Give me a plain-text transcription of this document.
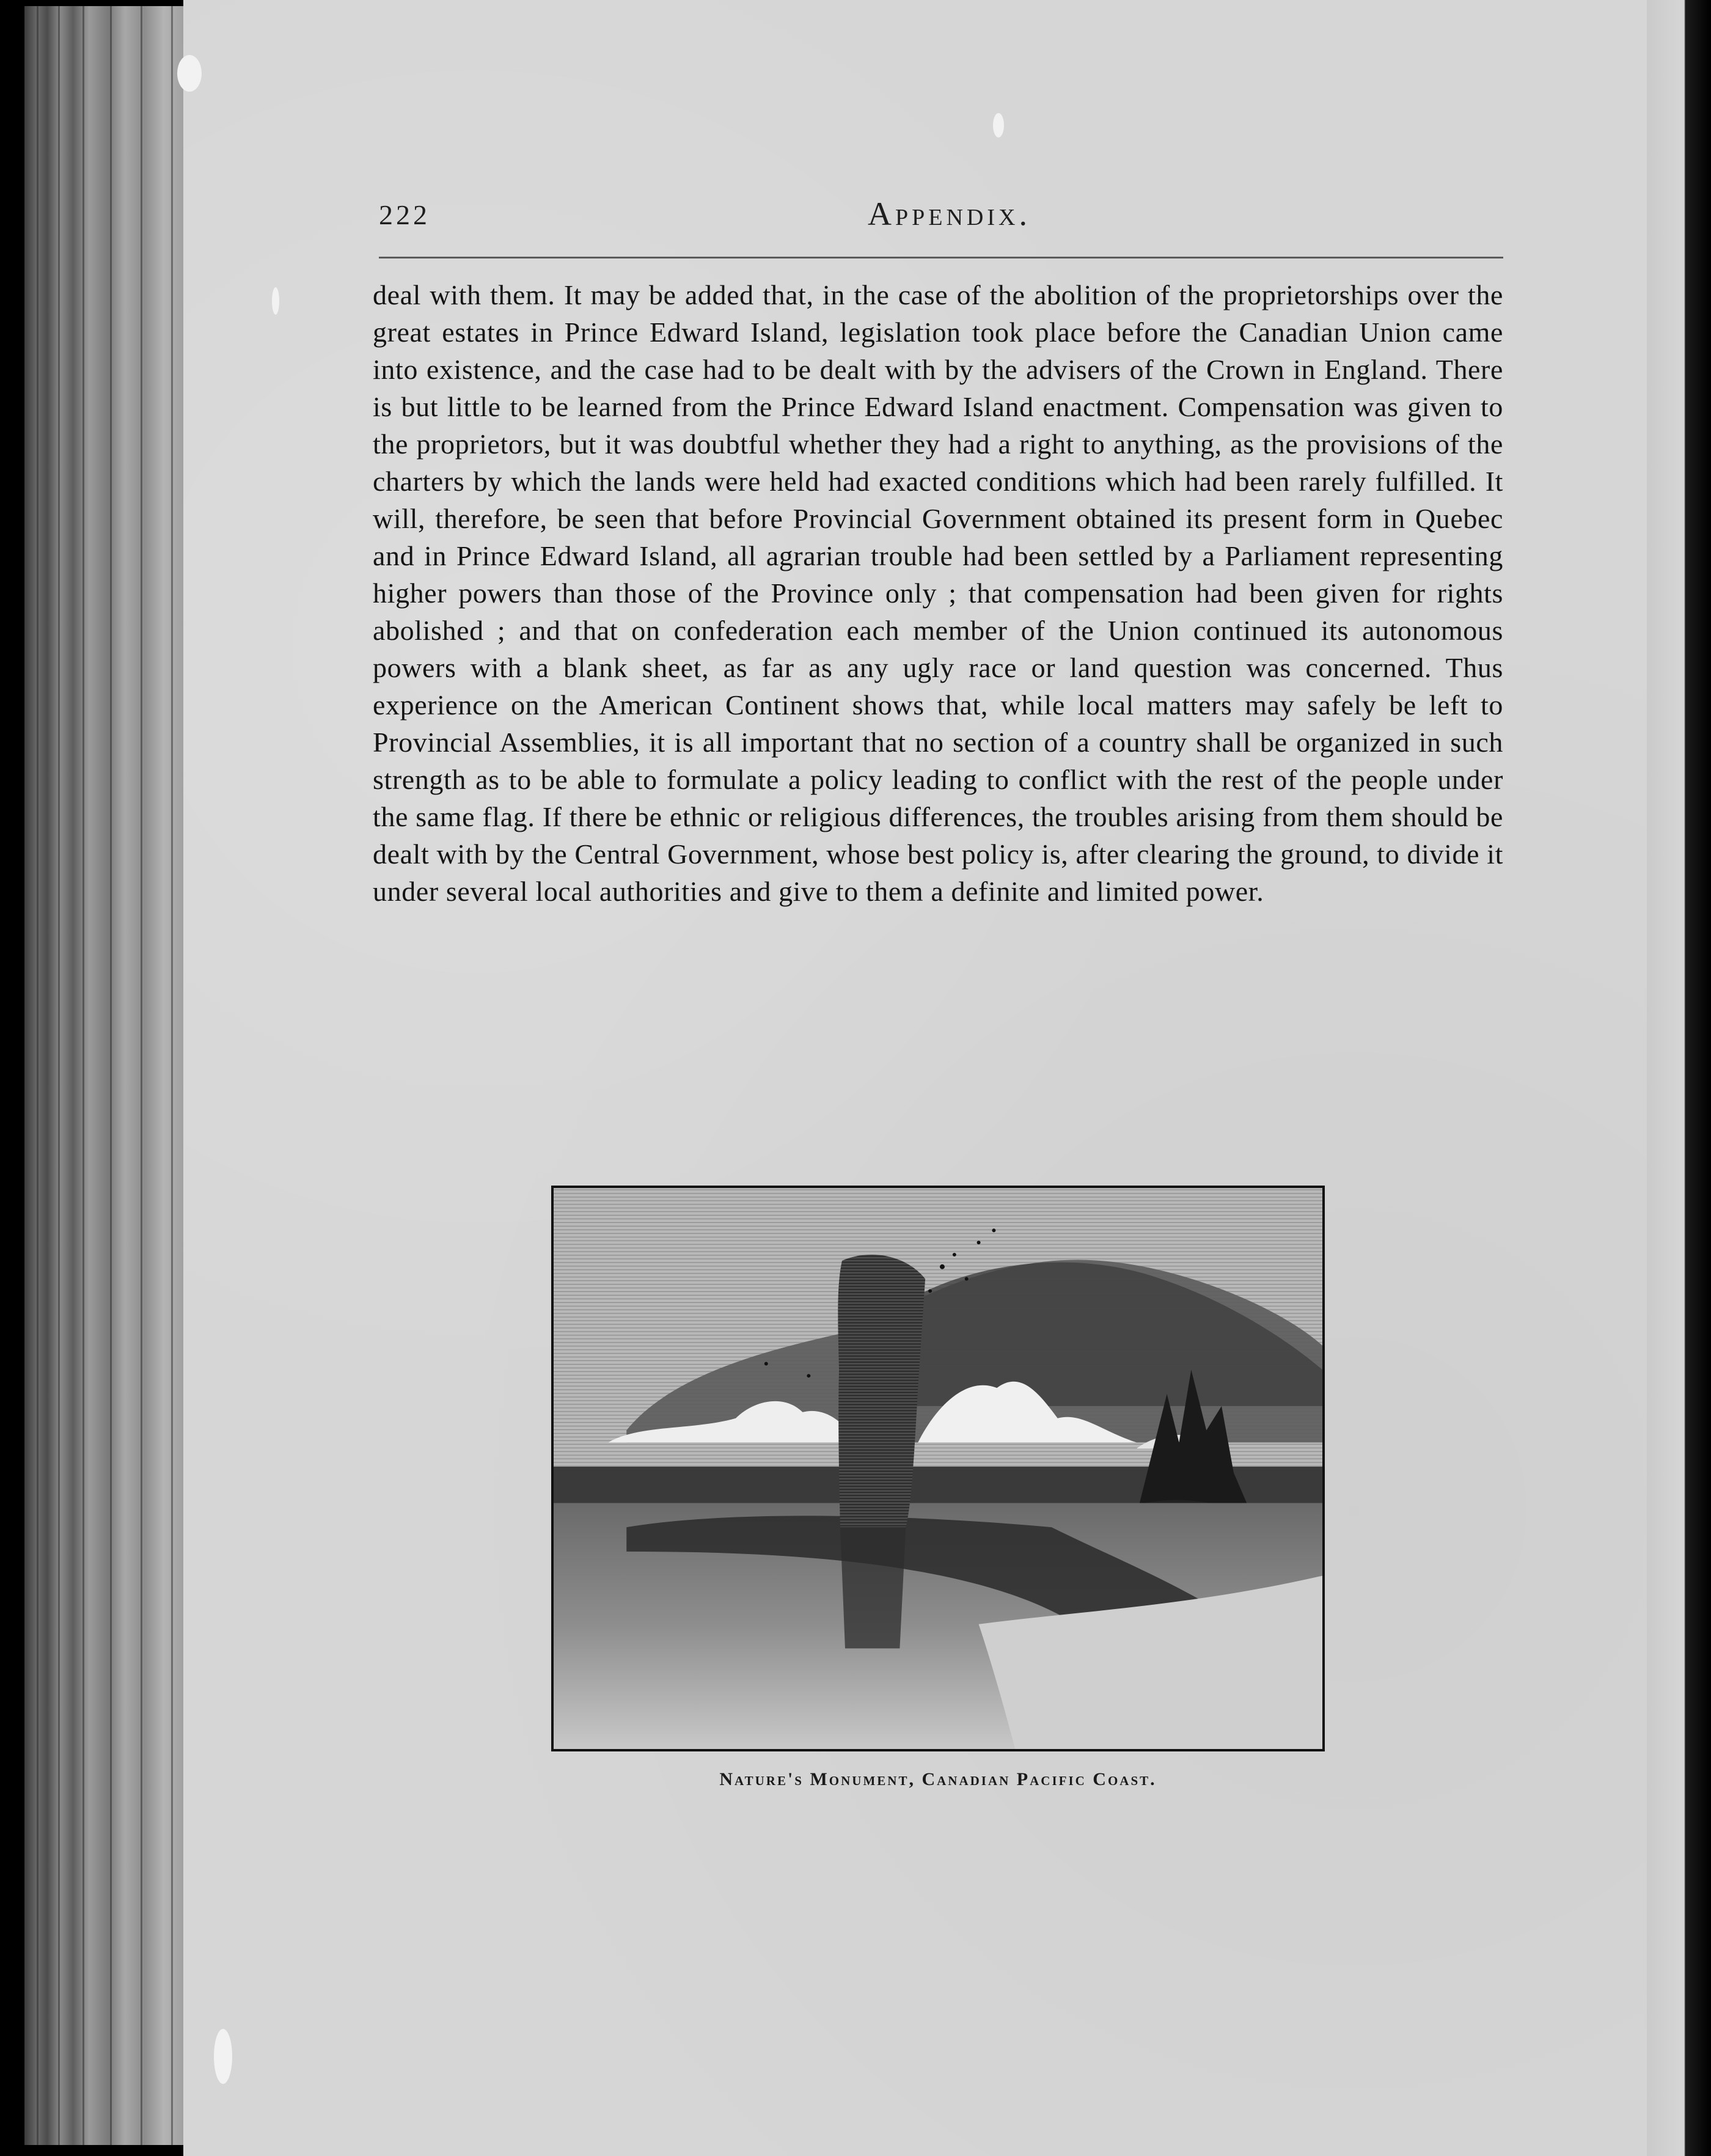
222	Appendix.

deal with them. It may be added that, in the case of the abolition of the proprietorships over the great estates in Prince Edward Island, legislation took place before the Canadian Union came into existence, and the case had to be dealt with by the advisers of the Crown in England. There is but little to be learned from the Prince Edward Island enactment. Compensation was given to the proprietors, but it was doubtful whether they had a right to anything, as the provisions of the charters by which the lands were held had exacted conditions which had been rarely fulfilled. It will, therefore, be seen that before Provincial Government obtained its present form in Quebec and in Prince Edward Island, all agrarian trouble had been settled by a Parliament representing higher powers than those of the Province only ; that compensation had been given for rights abolished ; and that on confederation each member of the Union continued its autonomous powers with a blank sheet, as far as any ugly race or land question was concerned. Thus experience on the American Continent shows that, while local matters may safely be left to Provincial Assemblies, it is all important that no section of a country shall be organized in such strength as to be able to formulate a policy leading to conflict with the rest of the people under the same flag. If there be ethnic or religious differences, the troubles arising from them should be dealt with by the Central Government, whose best policy is, after clearing the ground, to divide it under several local authorities and give to them a definite and limited power.

Nature's Monument, Canadian Pacific Coast.
